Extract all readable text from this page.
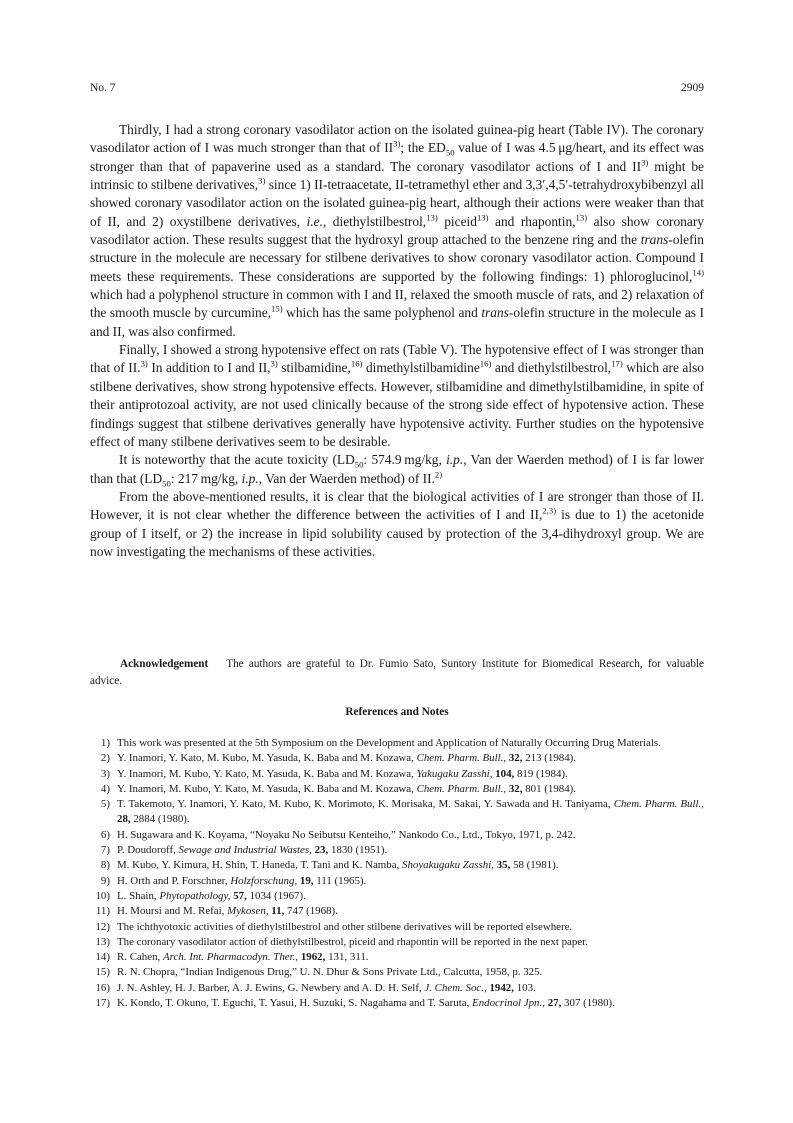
No. 7	2909

Thirdly, I had a strong coronary vasodilator action on the isolated guinea-pig heart (Table IV). The coronary vasodilator action of I was much stronger than that of II$^{3)}$; the $ED_{50}$ value of I was 4.5 μg/heart, and its effect was stronger than that of papaverine used as a standard. The coronary vasodilator actions of I and II$^{3)}$ might be intrinsic to stilbene derivatives,$^{3)}$ since 1) II-tetraacetate, II-tetramethyl ether and 3,3′,4,5′-tetrahydroxybibenzyl all showed coronary vasodilator action on the isolated guinea-pig heart, although their actions were weaker than that of II, and 2) oxystilbene derivatives, i.e., diethylstilbestrol,$^{13)}$ piceid$^{13)}$ and rhapontin,$^{13)}$ also show coronary vasodilator action. These results suggest that the hydroxyl group attached to the benzene ring and the trans-olefin structure in the molecule are necessary for stilbene derivatives to show coronary vasodilator action. Compound I meets these requirements. These considerations are supported by the following findings: 1) phloroglucinol,$^{14)}$ which had a polyphenol structure in common with I and II, relaxed the smooth muscle of rats, and 2) relaxation of the smooth muscle by curcumine,$^{15)}$ which has the same polyphenol and trans-olefin structure in the molecule as I and II, was also confirmed.

Finally, I showed a strong hypotensive effect on rats (Table V). The hypotensive effect of I was stronger than that of II.$^{3)}$ In addition to I and II,$^{3)}$ stilbamidine,$^{16)}$ dimethylstilbamidine$^{16)}$ and diethylstilbestrol,$^{17)}$ which are also stilbene derivatives, show strong hypotensive effects. However, stilbamidine and dimethylstilbamidine, in spite of their antiprotozoal activity, are not used clinically because of the strong side effect of hypotensive action. These findings suggest that stilbene derivatives generally have hypotensive activity. Further studies on the hypotensive effect of many stilbene derivatives seem to be desirable.

It is noteworthy that the acute toxicity ($LD_{50}$: 574.9 mg/kg, i.p., Van der Waerden method) of I is far lower than that ($LD_{50}$: 217 mg/kg, i.p., Van der Waerden method) of II.$^{2)}$

From the above-mentioned results, it is clear that the biological activities of I are stronger than those of II. However, it is not clear whether the difference between the activities of I and II,$^{2,3)}$ is due to 1) the acetonide group of I itself, or 2) the increase in lipid solubility caused by protection of the 3,4-dihydroxyl group. We are now investigating the mechanisms of these activities.

Acknowledgement The authors are grateful to Dr. Fumio Sato, Suntory Institute for Biomedical Research, for valuable advice.
References and Notes
1) This work was presented at the 5th Symposium on the Development and Application of Naturally Occurring Drug Materials.
2) Y. Inamori, Y. Kato, M. Kubo, M. Yasuda, K. Baba and M. Kozawa, Chem. Pharm. Bull., 32, 213 (1984).
3) Y. Inamori, M. Kubo, Y. Kato, M. Yasuda, K. Baba and M. Kozawa, Yakugaku Zasshi, 104, 819 (1984).
4) Y. Inamori, M. Kubo, Y. Kato, M. Yasuda, K. Baba and M. Kozawa, Chem. Pharm. Bull., 32, 801 (1984).
5) T. Takemoto, Y. Inamori, Y. Kato, M. Kubo, K. Morimoto, K. Morisaka, M. Sakai, Y. Sawada and H. Taniyama, Chem. Pharm. Bull., 28, 2884 (1980).
6) H. Sugawara and K. Koyama, “Noyaku No Seibutsu Kenteiho,” Nankodo Co., Ltd., Tokyo, 1971, p. 242.
7) P. Doudoroff, Sewage and Industrial Wastes, 23, 1830 (1951).
8) M. Kubo, Y. Kimura, H. Shin, T. Haneda, T. Tani and K. Namba, Shoyakugaku Zasshi, 35, 58 (1981).
9) H. Orth and P. Forschner, Holzforschung, 19, 111 (1965).
10) L. Shain, Phytopathology, 57, 1034 (1967).
11) H. Moursi and M. Refai, Mykosen, 11, 747 (1968).
12) The ichthyotoxic activities of diethylstilbestrol and other stilbene derivatives will be reported elsewhere.
13) The coronary vasodilator action of diethylstilbestrol, piceid and rhapontin will be reported in the next paper.
14) R. Cahen, Arch. Int. Pharmacodyn. Ther., 1962, 131, 311.
15) R. N. Chopra, “Indian Indigenous Drug,” U. N. Dhur & Sons Private Ltd., Calcutta, 1958, p. 325.
16) J. N. Ashley, H. J. Barber, A. J. Ewins, G. Newbery and A. D. H. Self, J. Chem. Soc., 1942, 103.
17) K. Kondo, T. Okuno, T. Eguchi, T. Yasui, H. Suzuki, S. Nagahama and T. Saruta, Endocrinol Jpn., 27, 307 (1980).
